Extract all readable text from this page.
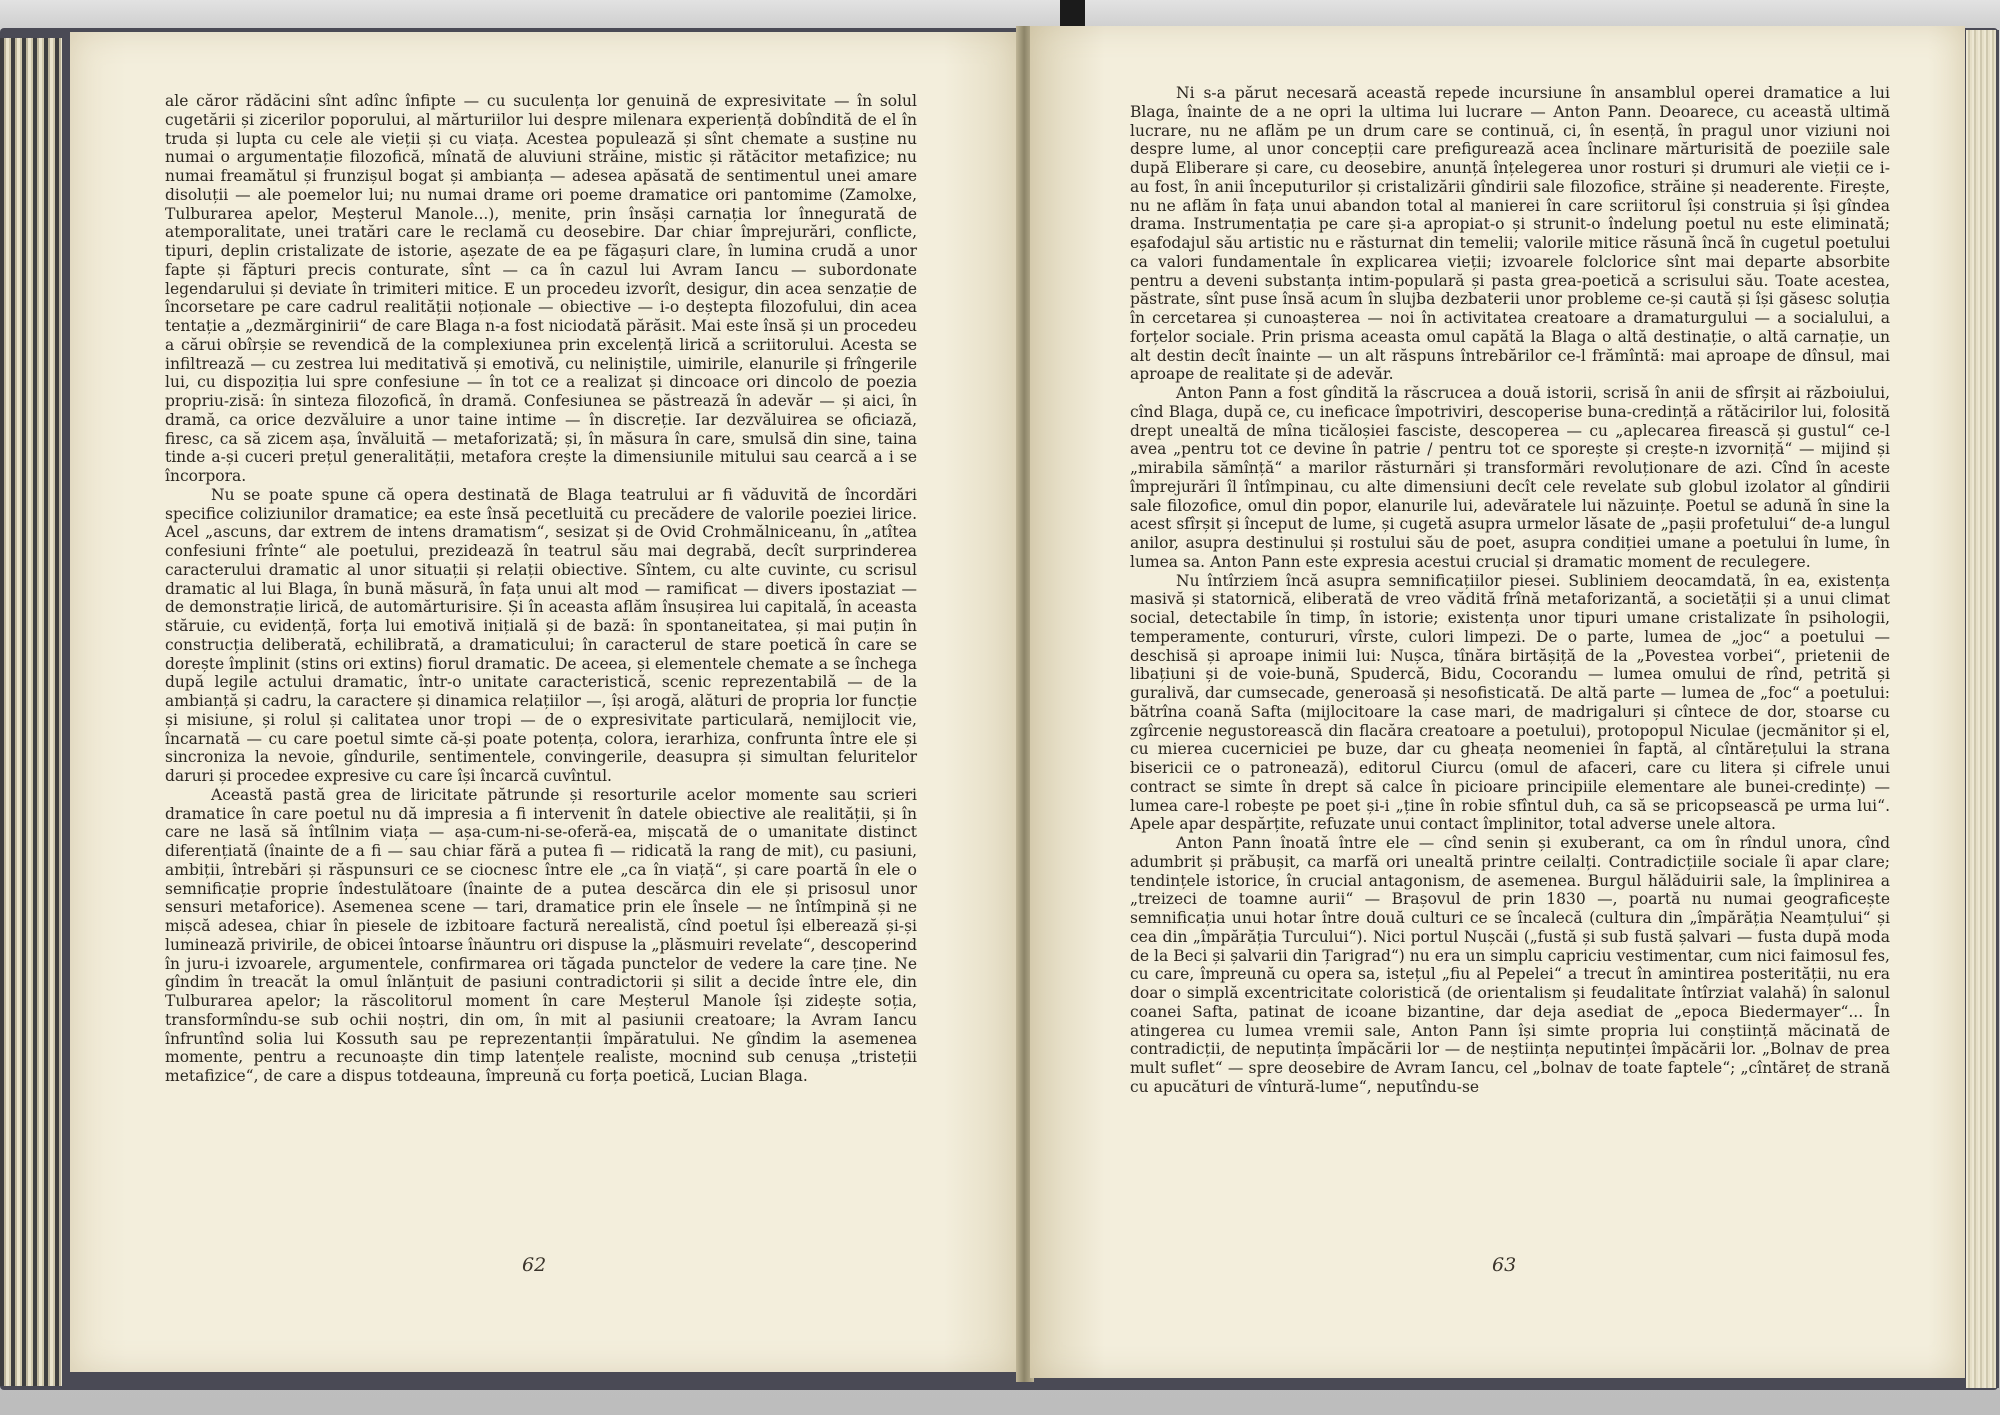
ale căror rădăcini sînt adînc înfipte — cu suculența lor genuină de expresivitate — în solul cugetării și zicerilor poporului, al mărturiilor lui despre milenara experiență dobîndită de el în truda și lupta cu cele ale vieții și cu viața. Acestea populează și sînt chemate a susține nu numai o argumentație filozofică, mînată de aluviuni străine, mistic și rătăcitor metafizice; nu numai freamătul și frunzișul bogat și ambianța — adesea apăsată de sentimentul unei amare disoluții — ale poemelor lui; nu numai drame ori poeme dramatice ori pantomime (Zamolxe, Tulburarea apelor, Meșterul Manole...), menite, prin însăși carnația lor înnegurată de atemporalitate, unei tratări care le reclamă cu deosebire. Dar chiar împrejurări, conflicte, tipuri, deplin cristalizate de istorie, așezate de ea pe făgașuri clare, în lumina crudă a unor fapte și făpturi precis conturate, sînt — ca în cazul lui Avram Iancu — subordonate legendarului și deviate în trimiteri mitice. E un procedeu izvorît, desigur, din acea senzație de încorsetare pe care cadrul realității noționale — obiective — i-o deștepta filozofului, din acea tentație a „dezmărginirii“ de care Blaga n-a fost niciodată părăsit. Mai este însă și un procedeu a cărui obîrșie se revendică de la complexiunea prin excelență lirică a scriitorului. Acesta se infiltrează — cu zestrea lui meditativă și emotivă, cu neliniștile, uimirile, elanurile și frîngerile lui, cu dispoziția lui spre confesiune — în tot ce a realizat și dincoace ori dincolo de poezia propriu-zisă: în sinteza filozofică, în dramă. Confesiunea se păstrează în adevăr — și aici, în dramă, ca orice dezvăluire a unor taine intime — în discreție. Iar dezvăluirea se oficiază, firesc, ca să zicem așa, învăluită — metaforizată; și, în măsura în care, smulsă din sine, taina tinde a-și cuceri prețul generalității, metafora crește la dimensiunile mitului sau cearcă a i se încorpora.

Nu se poate spune că opera destinată de Blaga teatrului ar fi văduvită de încordări specifice coliziunilor dramatice; ea este însă pecetluită cu precădere de valorile poeziei lirice. Acel „ascuns, dar extrem de intens dramatism“, sesizat și de Ovid Crohmălniceanu, în „atîtea confesiuni frînte“ ale poetului, prezidează în teatrul său mai degrabă, decît surprinderea caracterului dramatic al unor situații și relații obiective. Sîntem, cu alte cuvinte, cu scrisul dramatic al lui Blaga, în bună măsură, în fața unui alt mod — ramificat — divers ipostaziat — de demonstrație lirică, de automărturisire. Și în aceasta aflăm însușirea lui capitală, în aceasta stăruie, cu evidență, forța lui emotivă inițială și de bază: în spontaneitatea, și mai puțin în construcția deliberată, echilibrată, a dramaticului; în caracterul de stare poetică în care se dorește împlinit (stins ori extins) fiorul dramatic. De aceea, și elementele chemate a se închega după legile actului dramatic, într-o unitate caracteristică, scenic reprezentabilă — de la ambianță și cadru, la caractere și dinamica relațiilor —, își arogă, alături de propria lor funcție și misiune, și rolul și calitatea unor tropi — de o expresivitate particulară, nemijlocit vie, încarnată — cu care poetul simte că-și poate potența, colora, ierarhiza, confrunta între ele și sincroniza la nevoie, gîndurile, sentimentele, convingerile, deasupra și simultan feluritelor daruri și procedee expresive cu care își încarcă cuvîntul.

Această pastă grea de liricitate pătrunde și resorturile acelor momente sau scrieri dramatice în care poetul nu dă impresia a fi intervenit în datele obiective ale realității, și în care ne lasă să întîlnim viața — așa-cum-ni-se-oferă-ea, mișcată de o umanitate distinct diferențiată (înainte de a fi — sau chiar fără a putea fi — ridicată la rang de mit), cu pasiuni, ambiții, întrebări și răspunsuri ce se ciocnesc între ele „ca în viață“, și care poartă în ele o semnificație proprie îndestulătoare (înainte de a putea descărca din ele și prisosul unor sensuri metaforice). Asemenea scene — tari, dramatice prin ele însele — ne întîmpină și ne mișcă adesea, chiar în piesele de izbitoare factură nerealistă, cînd poetul își elberează și-și luminează privirile, de obicei întoarse înăuntru ori dispuse la „plăsmuiri revelate“, descoperind în juru-i izvoarele, argumentele, confirmarea ori tăgada punctelor de vedere la care ține. Ne gîndim în treacăt la omul înlănțuit de pasiuni contradictorii și silit a decide între ele, din Tulburarea apelor; la răscolitorul moment în care Meșterul Manole își zidește soția, transformîndu-se sub ochii noștri, din om, în mit al pasiunii creatoare; la Avram Iancu înfruntînd solia lui Kossuth sau pe reprezentanții împăratului. Ne gîndim la asemenea momente, pentru a recunoaște din timp latențele realiste, mocnind sub cenușa „tristeții metafizice“, de care a dispus totdeauna, împreună cu forța poetică, Lucian Blaga.

62

Ni s-a părut necesară această repede incursiune în ansamblul operei dramatice a lui Blaga, înainte de a ne opri la ultima lui lucrare — Anton Pann. Deoarece, cu această ultimă lucrare, nu ne aflăm pe un drum care se continuă, ci, în esență, în pragul unor viziuni noi despre lume, al unor concepții care prefigurează acea înclinare mărturisită de poeziile sale după Eliberare și care, cu deosebire, anunță înțelegerea unor rosturi și drumuri ale vieții ce i-au fost, în anii începuturilor și cristalizării gîndirii sale filozofice, străine și neaderente. Firește, nu ne aflăm în fața unui abandon total al manierei în care scriitorul își construia și își gîndea drama. Instrumentația pe care și-a apropiat-o și strunit-o îndelung poetul nu este eliminată; eșafodajul său artistic nu e răsturnat din temelii; valorile mitice răsună încă în cugetul poetului ca valori fundamentale în explicarea vieții; izvoarele folclorice sînt mai departe absorbite pentru a deveni substanța intim-populară și pasta grea-poetică a scrisului său. Toate acestea, păstrate, sînt puse însă acum în slujba dezbaterii unor probleme ce-și caută și își găsesc soluția în cercetarea și cunoașterea — noi în activitatea creatoare a dramaturgului — a socialului, a forțelor sociale. Prin prisma aceasta omul capătă la Blaga o altă destinație, o altă carnație, un alt destin decît înainte — un alt răspuns întrebărilor ce-l frămîntă: mai aproape de dînsul, mai aproape de realitate și de adevăr.

Anton Pann a fost gîndită la răscrucea a două istorii, scrisă în anii de sfîrșit ai războiului, cînd Blaga, după ce, cu ineficace împotriviri, descoperise buna-credință a rătăcirilor lui, folosită drept unealtă de mîna ticăloșiei fasciste, descoperea — cu „aplecarea firească și gustul“ ce-l avea „pentru tot ce devine în patrie / pentru tot ce sporește și crește-n izvorniță“ — mijind și „mirabila sămînță“ a marilor răsturnări și transformări revoluționare de azi. Cînd în aceste împrejurări îl întîmpinau, cu alte dimensiuni decît cele revelate sub globul izolator al gîndirii sale filozofice, omul din popor, elanurile lui, adevăratele lui năzuințe. Poetul se adună în sine la acest sfîrșit și început de lume, și cugetă asupra urmelor lăsate de „pașii profetului“ de-a lungul anilor, asupra destinului și rostului său de poet, asupra condiției umane a poetului în lume, în lumea sa. Anton Pann este expresia acestui crucial și dramatic moment de reculegere.

Nu întîrziem încă asupra semnificațiilor piesei. Subliniem deocamdată, în ea, existența masivă și statornică, eliberată de vreo vădită frînă metaforizantă, a societății și a unui climat social, detectabile în timp, în istorie; existența unor tipuri umane cristalizate în psihologii, temperamente, contururi, vîrste, culori limpezi. De o parte, lumea de „joc“ a poetului — deschisă și aproape inimii lui: Nușca, tînăra birtășiță de la „Povestea vorbei“, prietenii de libațiuni și de voie-bună, Spudercă, Bidu, Cocorandu — lumea omului de rînd, petrită și guralivă, dar cumsecade, generoasă și nesofisticată. De altă parte — lumea de „foc“ a poetului: bătrîna coană Safta (mijlocitoare la case mari, de madrigaluri și cîntece de dor, stoarse cu zgîrcenie negustorească din flacăra creatoare a poetului), protopopul Niculae (jecmănitor și el, cu mierea cucerniciei pe buze, dar cu gheața neomeniei în faptă, al cîntărețului la strana bisericii ce o patronează), editorul Ciurcu (omul de afaceri, care cu litera și cifrele unui contract se simte în drept să calce în picioare principiile elementare ale bunei-credințe) — lumea care-l robește pe poet și-i „ține în robie sfîntul duh, ca să se pricopsească pe urma lui“. Apele apar despărțite, refuzate unui contact împlinitor, total adverse unele altora.

Anton Pann înoată între ele — cînd senin și exuberant, ca om în rîndul unora, cînd adumbrit și prăbușit, ca marfă ori unealtă printre ceilalți. Contradicțiile sociale îi apar clare; tendințele istorice, în crucial antagonism, de asemenea. Burgul hălăduirii sale, la împlinirea a „treizeci de toamne aurii“ — Brașovul de prin 1830 —, poartă nu numai geograficește semnificația unui hotar între două culturi ce se încalecă (cultura din „împărăția Neamțului“ și cea din „împărăția Turcului“). Nici portul Nușcăi („fustă și sub fustă șalvari — fusta după moda de la Beci și șalvarii din Țarigrad“) nu era un simplu capriciu vestimentar, cum nici faimosul fes, cu care, împreună cu opera sa, istețul „fiu al Pepelei“ a trecut în amintirea posterității, nu era doar o simplă excentricitate coloristică (de orientalism și feudalitate întîrziat valahă) în salonul coanei Safta, patinat de icoane bizantine, dar deja asediat de „epoca Biedermayer“... În atingerea cu lumea vremii sale, Anton Pann își simte propria lui conștiință măcinată de contradicții, de neputința împăcării lor — de neștiința neputinței împăcării lor. „Bolnav de prea mult suflet“ — spre deosebire de Avram Iancu, cel „bolnav de toate faptele“; „cîntăreț de strană cu apucături de vîntură-lume“, neputîndu-se

63
